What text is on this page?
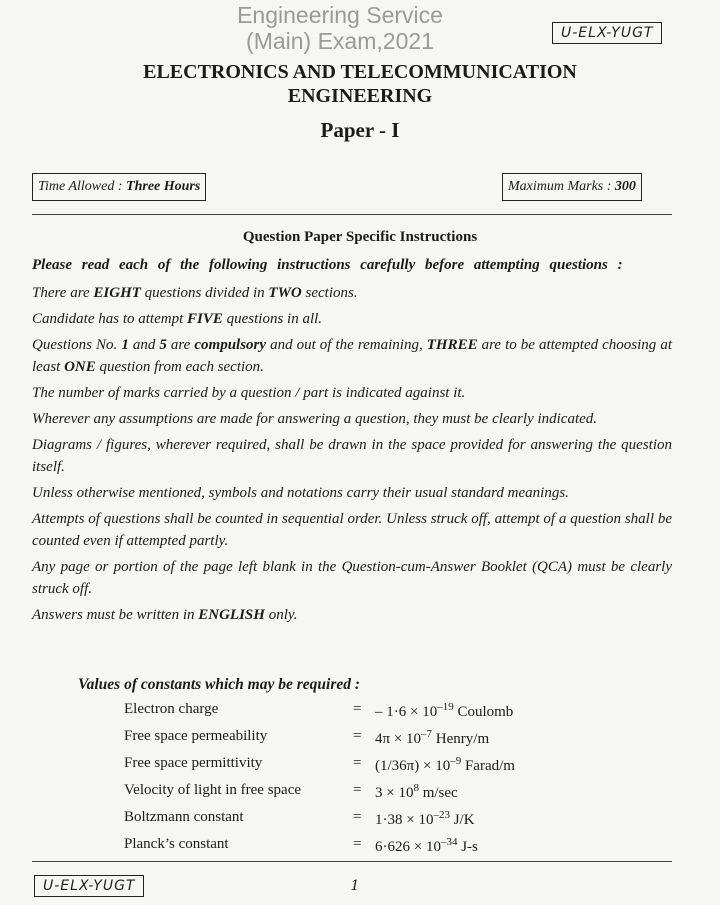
Engineering Service
(Main) Exam,2021	U-ELX-YUGT
ELECTRONICS AND TELECOMMUNICATION
ENGINEERING
Paper - I
Time Allowed : Three Hours	Maximum Marks : 300
Question Paper Specific Instructions
Please read each of the following instructions carefully before attempting questions :
There are EIGHT questions divided in TWO sections.
Candidate has to attempt FIVE questions in all.
Questions No. 1 and 5 are compulsory and out of the remaining, THREE are to be attempted choosing at least ONE question from each section.
The number of marks carried by a question / part is indicated against it.
Wherever any assumptions are made for answering a question, they must be clearly indicated.
Diagrams / figures, wherever required, shall be drawn in the space provided for answering the question itself.
Unless otherwise mentioned, symbols and notations carry their usual standard meanings.
Attempts of questions shall be counted in sequential order. Unless struck off, attempt of a question shall be counted even if attempted partly.
Any page or portion of the page left blank in the Question-cum-Answer Booklet (QCA) must be clearly struck off.
Answers must be written in ENGLISH only.
Values of constants which may be required :
Electron charge	= – $1\cdot 6 \times 10^{-19}$ Coulomb
Free space permeability	= $4\pi \times 10^{-7}$ Henry/m
Free space permittivity	= $(1/36\pi) \times 10^{-9}$ Farad/m
Velocity of light in free space	= $3 \times 10^8$ m/sec
Boltzmann constant	= $1\cdot 38 \times 10^{-23}$ J/K
Planck’s constant	= $6\cdot 626 \times 10^{-34}$ J-s
U-ELX-YUGT	1
